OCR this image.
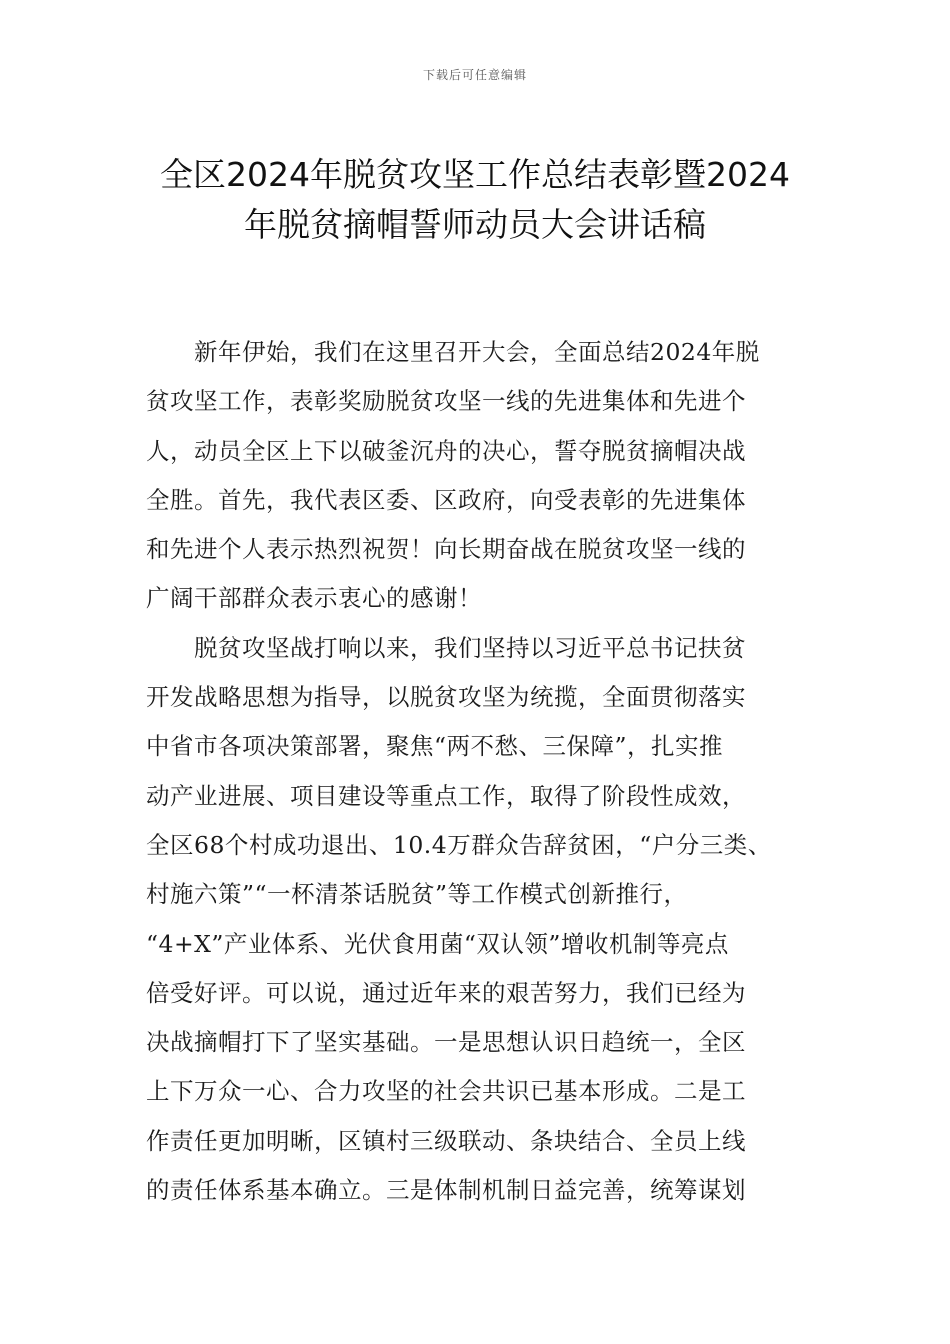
下载后可任意编辑
全区2024年脱贫攻坚工作总结表彰暨2024
年脱贫摘帽誓师动员大会讲话稿
新年伊始，我们在这里召开大会，全面总结2024年脱
贫攻坚工作，表彰奖励脱贫攻坚一线的先进集体和先进个
人，动员全区上下以破釜沉舟的决心，誓夺脱贫摘帽决战
全胜。首先，我代表区委、区政府，向受表彰的先进集体
和先进个人表示热烈祝贺！向长期奋战在脱贫攻坚一线的
广阔干部群众表示衷心的感谢！
脱贫攻坚战打响以来，我们坚持以习近平总书记扶贫
开发战略思想为指导，以脱贫攻坚为统揽，全面贯彻落实
中省市各项决策部署，聚焦“两不愁、三保障”，扎实推
动产业进展、项目建设等重点工作，取得了阶段性成效，
全区68个村成功退出、10.4万群众告辞贫困，“户分三类、
村施六策”“一杯清茶话脱贫”等工作模式创新推行，
“4+X”产业体系、光伏食用菌“双认领”增收机制等亮点
倍受好评。可以说，通过近年来的艰苦努力，我们已经为
决战摘帽打下了坚实基础。一是思想认识日趋统一，全区
上下万众一心、合力攻坚的社会共识已基本形成。二是工
作责任更加明晰，区镇村三级联动、条块结合、全员上线
的责任体系基本确立。三是体制机制日益完善，统筹谋划
